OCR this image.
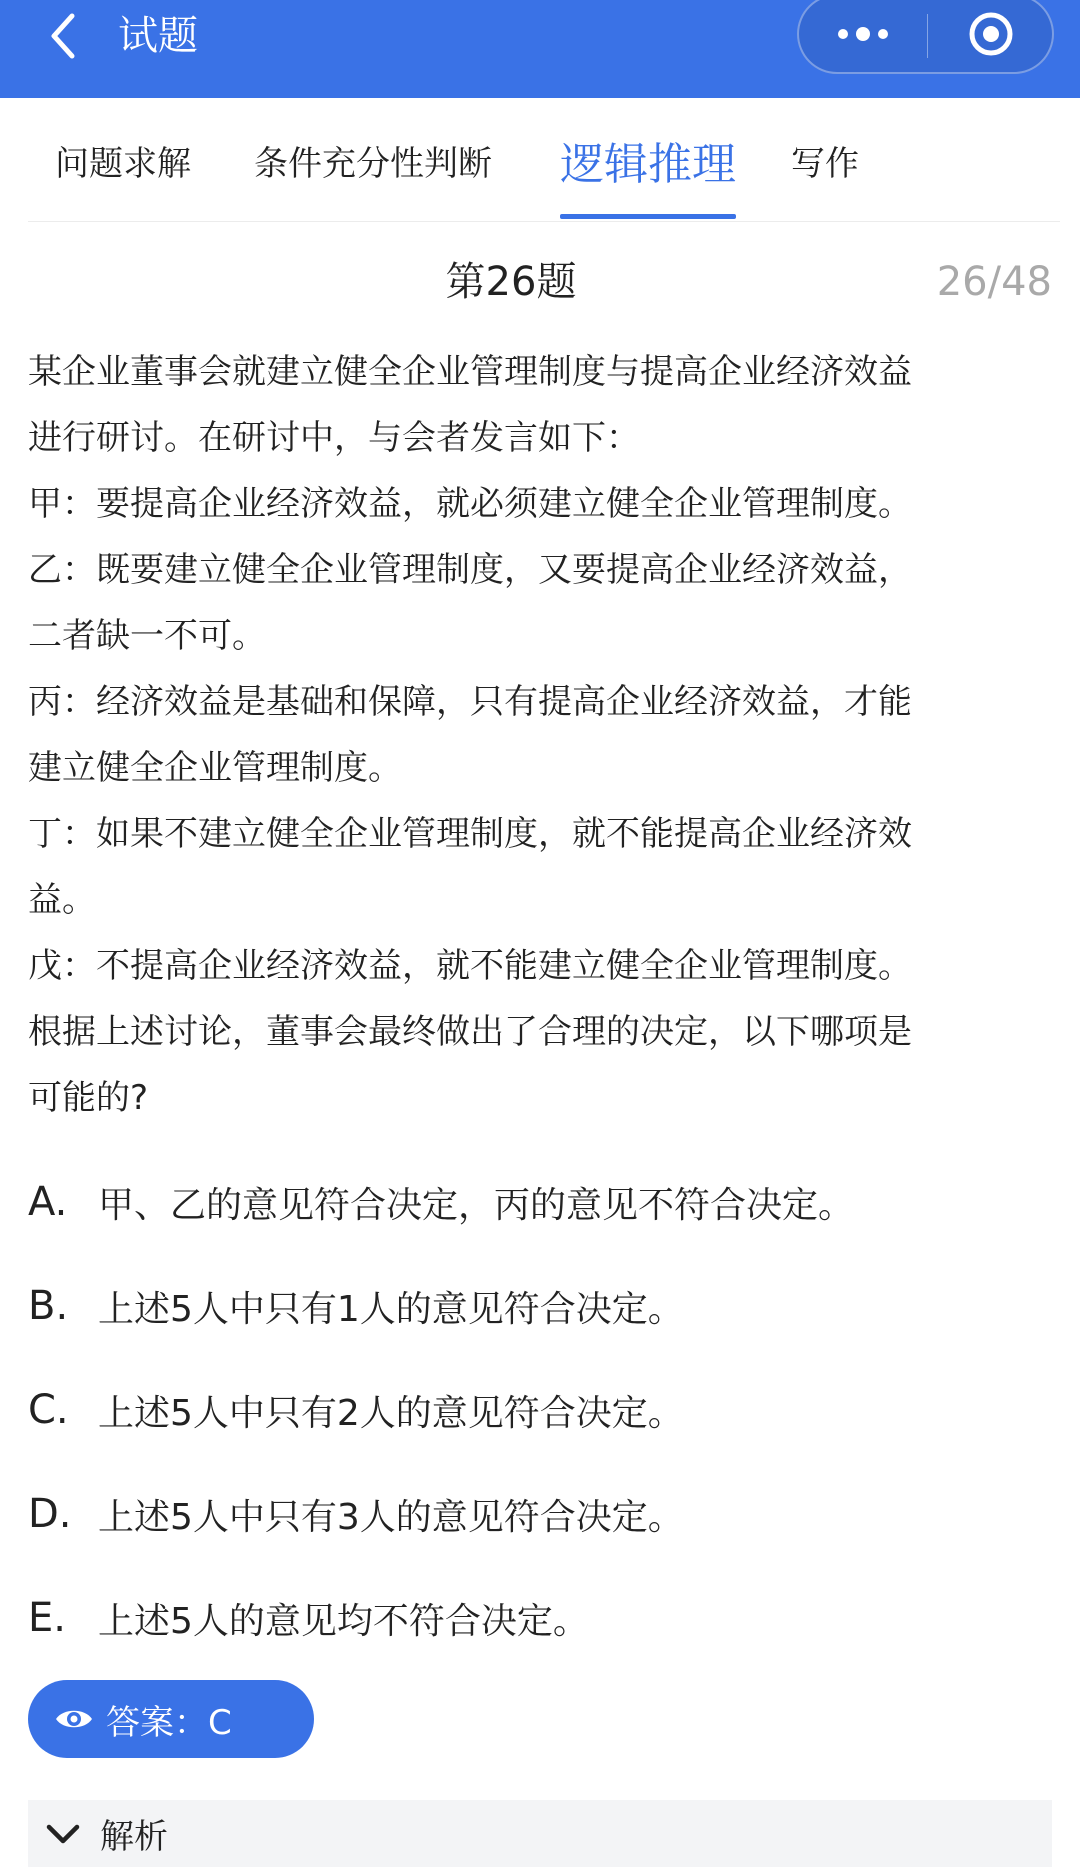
试题
问题求解 条件充分性判断 逻辑推理 写作
第26题	26/48
某企业董事会就建立健全企业管理制度与提高企业经济效益
进行研讨。在研讨中，与会者发言如下：
甲：要提高企业经济效益，就必须建立健全企业管理制度。
乙：既要建立健全企业管理制度，又要提高企业经济效益，
二者缺一不可。
丙：经济效益是基础和保障，只有提高企业经济效益，才能
建立健全企业管理制度。
丁：如果不建立健全企业管理制度，就不能提高企业经济效
益。
戊：不提高企业经济效益，就不能建立健全企业管理制度。
根据上述讨论，董事会最终做出了合理的决定，以下哪项是
可能的?
A. 甲、乙的意见符合决定，丙的意见不符合决定。
B. 上述5人中只有1人的意见符合决定。
C. 上述5人中只有2人的意见符合决定。
D. 上述5人中只有3人的意见符合决定。
E. 上述5人的意见均不符合决定。
答案：C
解析
